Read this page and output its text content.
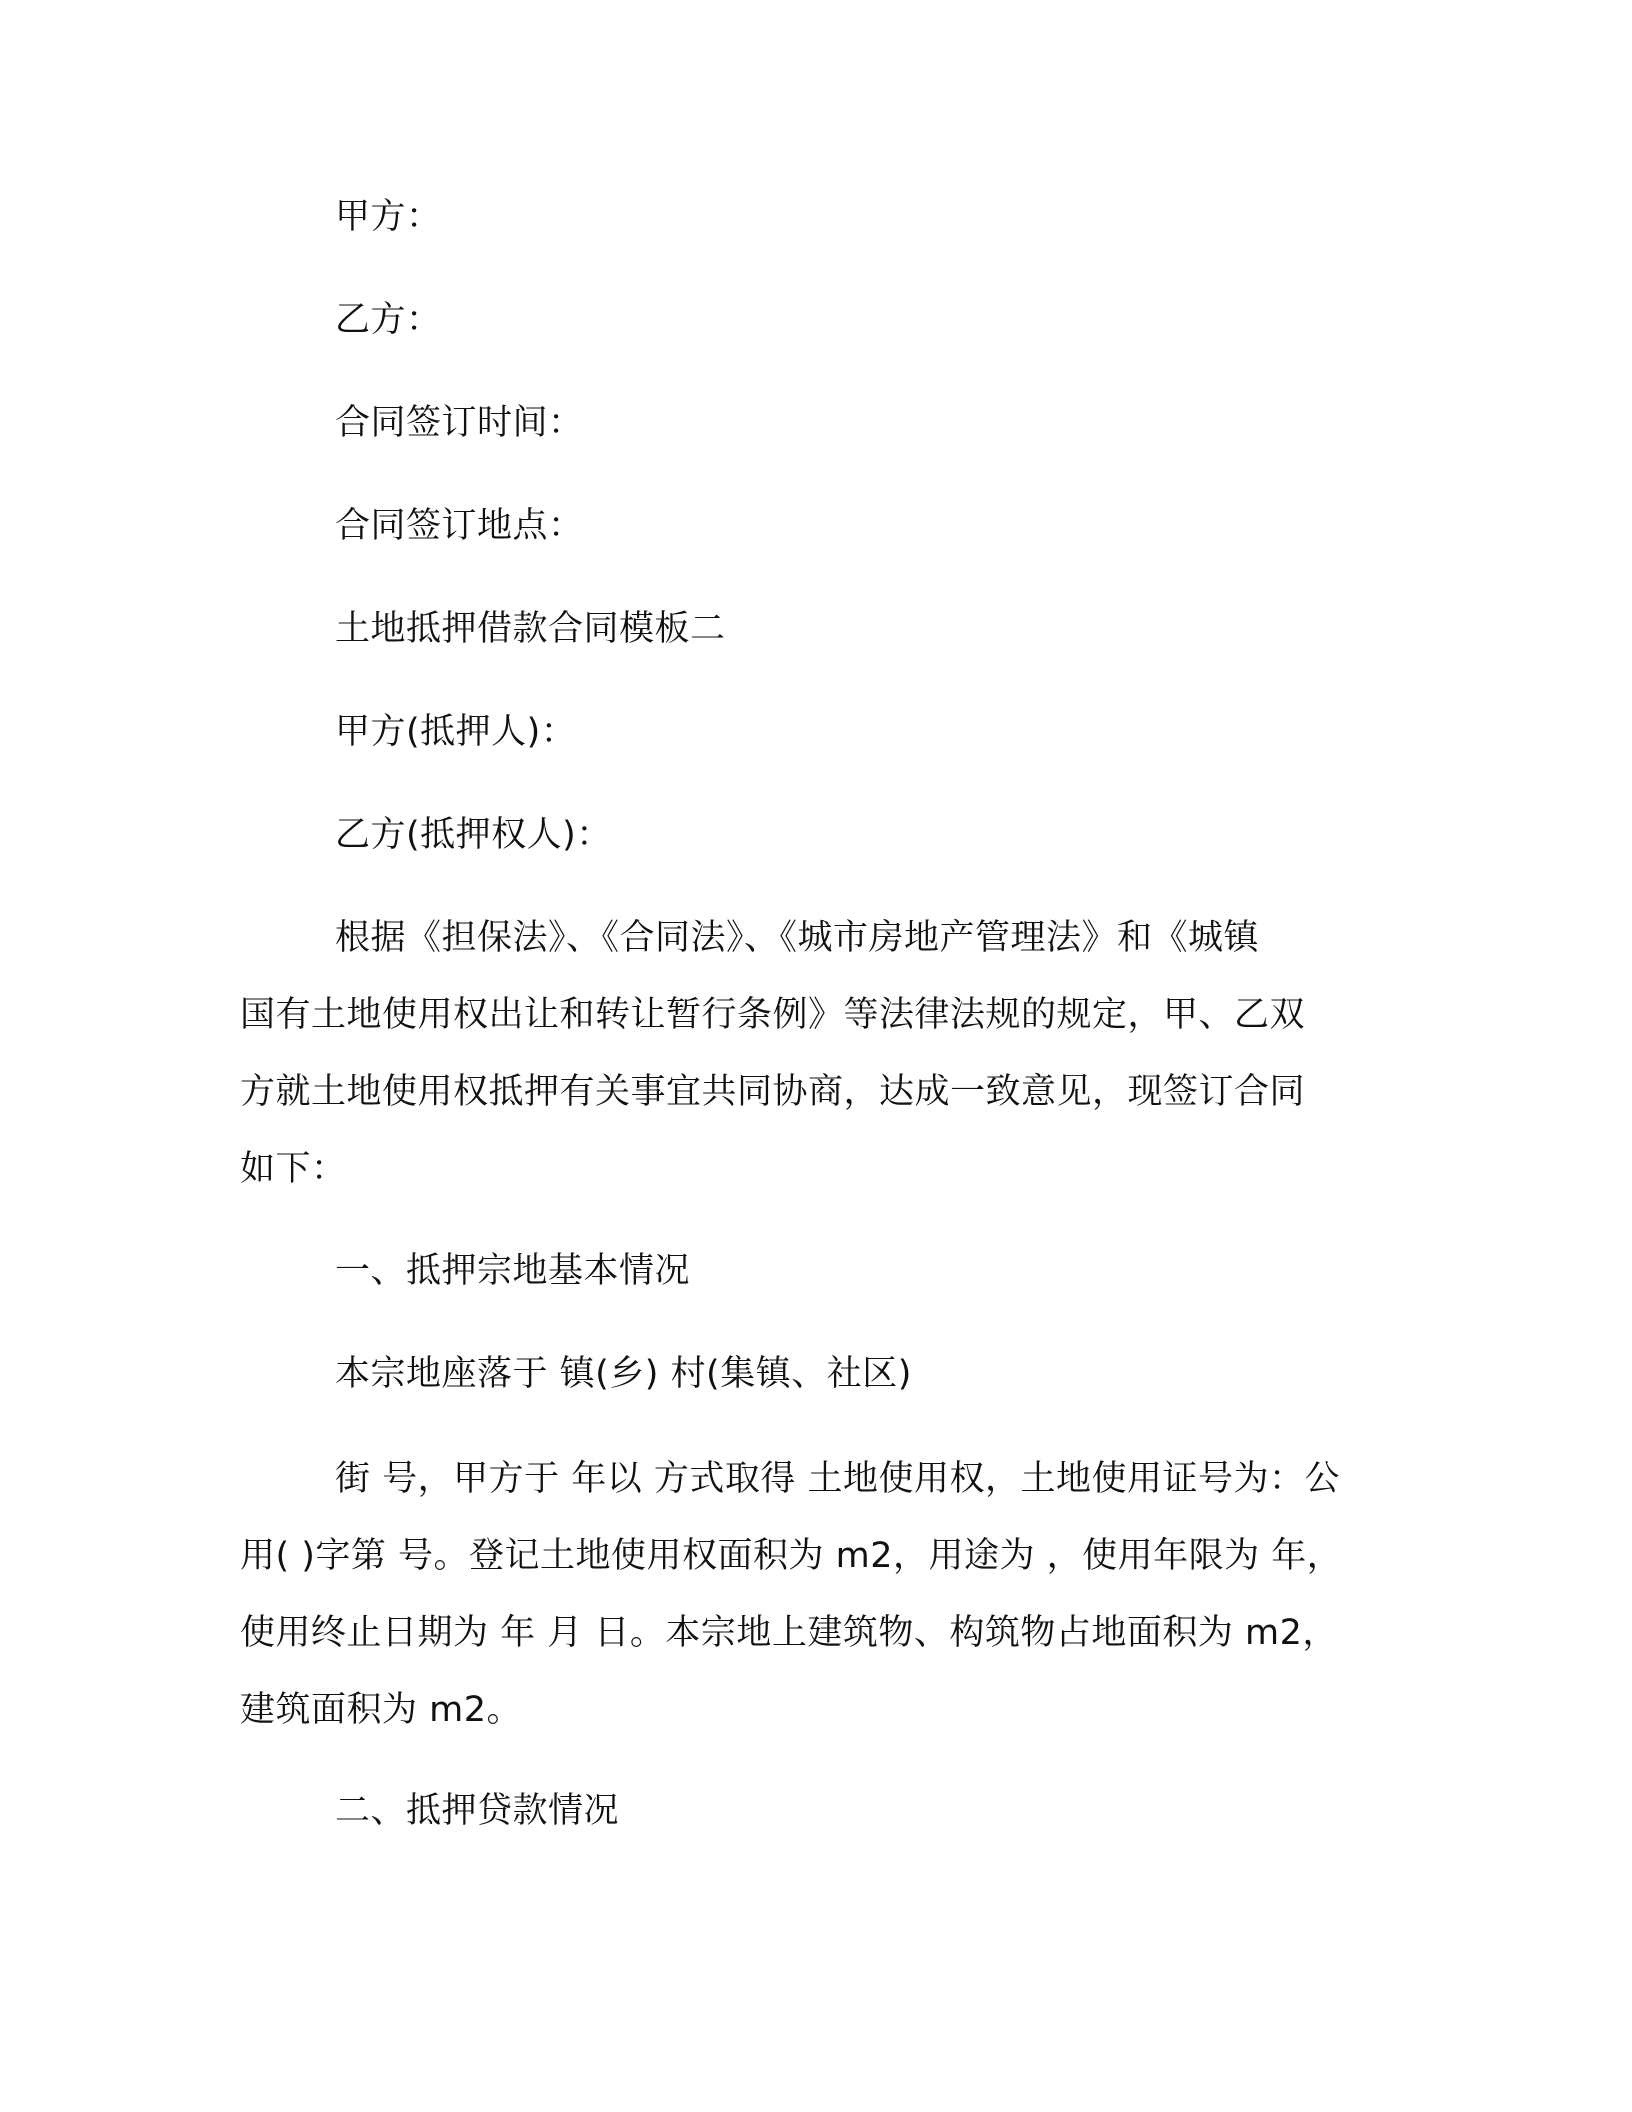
甲方：
乙方：
合同签订时间：
合同签订地点：
土地抵押借款合同模板二
甲方(抵押人)：
乙方(抵押权人)：
根据《担保法》、《合同法》、《城市房地产管理法》和《城镇
国有土地使用权出让和转让暂行条例》等法律法规的规定，甲、乙双
方就土地使用权抵押有关事宜共同协商，达成一致意见，现签订合同
如下：
一、抵押宗地基本情况
本宗地座落于 镇(乡) 村(集镇、社区)
街 号，甲方于 年以 方式取得 土地使用权，土地使用证号为：公
用( )字第 号。登记土地使用权面积为 m2，用途为 ，使用年限为 年，
使用终止日期为 年 月 日。本宗地上建筑物、构筑物占地面积为 m2，
建筑面积为 m2。
二、抵押贷款情况
